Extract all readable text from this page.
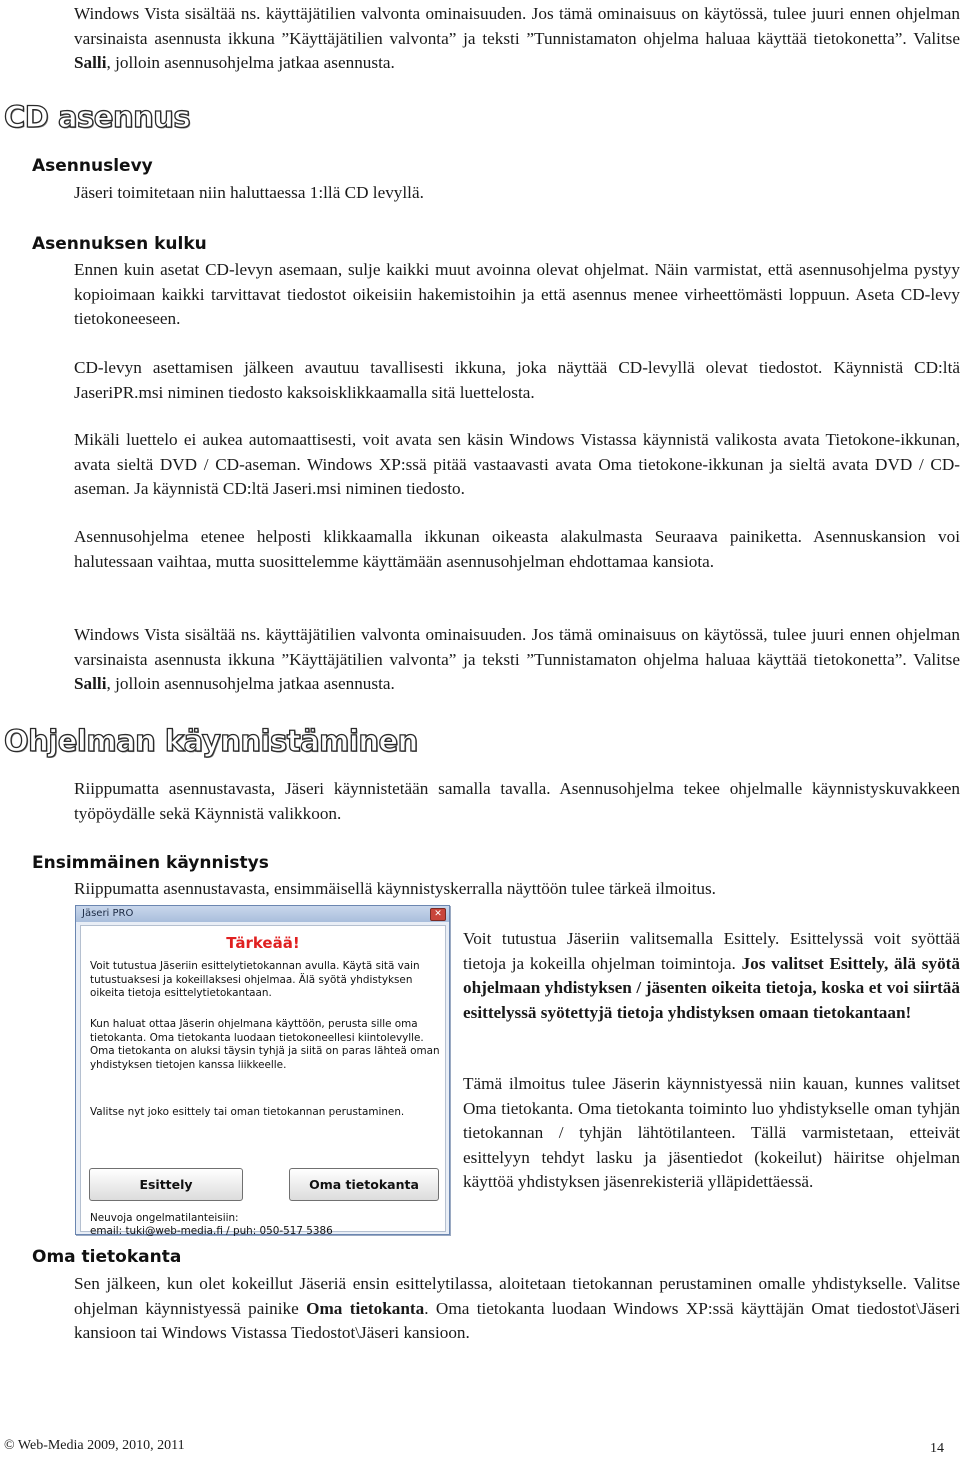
Windows Vista sisältää ns. käyttäjätilien valvonta ominaisuuden. Jos tämä ominaisuus on käytössä, tulee juuri ennen ohjelman varsinaista asennusta ikkuna ”Käyttäjätilien valvonta” ja teksti ”Tunnistamaton ohjelma haluaa käyttää tietokonetta”. Valitse Salli, jolloin asennusohjelma jatkaa asennusta.

CD asennus
Asennuslevy

Jäseri toimitetaan niin haluttaessa 1:llä CD levyllä.

Asennuksen kulku

Ennen kuin asetat CD-levyn asemaan, sulje kaikki muut avoinna olevat ohjelmat. Näin varmistat, että asennusohjelma pystyy kopioimaan kaikki tarvittavat tiedostot oikeisiin hakemistoihin ja että asennus menee virheettömästi loppuun. Aseta CD-levy tietokoneeseen.

CD-levyn asettamisen jälkeen avautuu tavallisesti ikkuna, joka näyttää CD-levyllä olevat tiedostot. Käynnistä CD:ltä JaseriPR.msi niminen tiedosto kaksoisklikkaamalla sitä luettelosta.

Mikäli luettelo ei aukea automaattisesti, voit avata sen käsin Windows Vistassa käynnistä valikosta avata Tietokone-ikkunan, avata sieltä DVD / CD-aseman. Windows XP:ssä pitää vastaavasti avata Oma tietokone-ikkunan ja sieltä avata DVD / CD-aseman. Ja käynnistä CD:ltä Jaseri.msi niminen tiedosto.

Asennusohjelma etenee helposti klikkaamalla ikkunan oikeasta alakulmasta Seuraava painiketta. Asennuskansion voi halutessaan vaihtaa, mutta suosittelemme käyttämään asennusohjelman ehdottamaa kansiota.

Windows Vista sisältää ns. käyttäjätilien valvonta ominaisuuden. Jos tämä ominaisuus on käytössä, tulee juuri ennen ohjelman varsinaista asennusta ikkuna ”Käyttäjätilien valvonta” ja teksti ”Tunnistamaton ohjelma haluaa käyttää tietokonetta”. Valitse Salli, jolloin asennusohjelma jatkaa asennusta.

Ohjelman käynnistäminen

Riippumatta asennustavasta, Jäseri käynnistetään samalla tavalla. Asennusohjelma tekee ohjelmalle käynnistyskuvakkeen työpöydälle sekä Käynnistä valikkoon.

Ensimmäinen käynnistys

Riippumatta asennustavasta, ensimmäisellä käynnistyskerralla näyttöön tulee tärkeä ilmoitus.

Jäseri PRO	✕
Tärkeää!

Voit tutustua Jäseriin esittelytietokannan avulla. Käytä sitä vain tutustuaksesi ja kokeillaksesi ohjelmaa. Älä syötä yhdistyksen oikeita tietoja esittelytietokantaan.

Kun haluat ottaa Jäserin ohjelmana käyttöön, perusta sille oma tietokanta. Oma tietokanta luodaan tietokoneellesi kiintolevylle. Oma tietokanta on aluksi täysin tyhjä ja siitä on paras lähteä oman yhdistyksen tietojen kanssa liikkeelle.

Valitse nyt joko esittely tai oman tietokannan perustaminen.

Esittely	Oma tietokanta
Neuvoja ongelmatilanteisiin:
email: tuki@web-media.fi / puh: 050-517 5386

Voit tutustua Jäseriin valitsemalla Esittely. Esittelyssä voit syöttää tietoja ja kokeilla ohjelman toimintoja. Jos valitset Esittely, älä syötä ohjelmaan yhdistyksen / jäsenten oikeita tietoja, koska et voi siirtää esittelyssä syötettyjä tietoja yhdistyksen omaan tietokantaan!

Tämä ilmoitus tulee Jäserin käynnistyessä niin kauan, kunnes valitset Oma tietokanta. Oma tietokanta toiminto luo yhdistykselle oman tyhjän tietokannan / tyhjän lähtötilanteen. Tällä varmistetaan, etteivät esittelyyn tehdyt lasku ja jäsentiedot (kokeilut) häiritse ohjelman käyttöä yhdistyksen jäsenrekisteriä ylläpidettäessä.

Oma tietokanta

Sen jälkeen, kun olet kokeillut Jäseriä ensin esittelytilassa, aloitetaan tietokannan perustaminen omalle yhdistykselle. Valitse ohjelman käynnistyessä painike Oma tietokanta. Oma tietokanta luodaan Windows XP:ssä käyttäjän Omat tiedostot\Jäseri kansioon tai Windows Vistassa Tiedostot\Jäseri kansioon.

© Web-Media 2009, 2010, 2011	14
